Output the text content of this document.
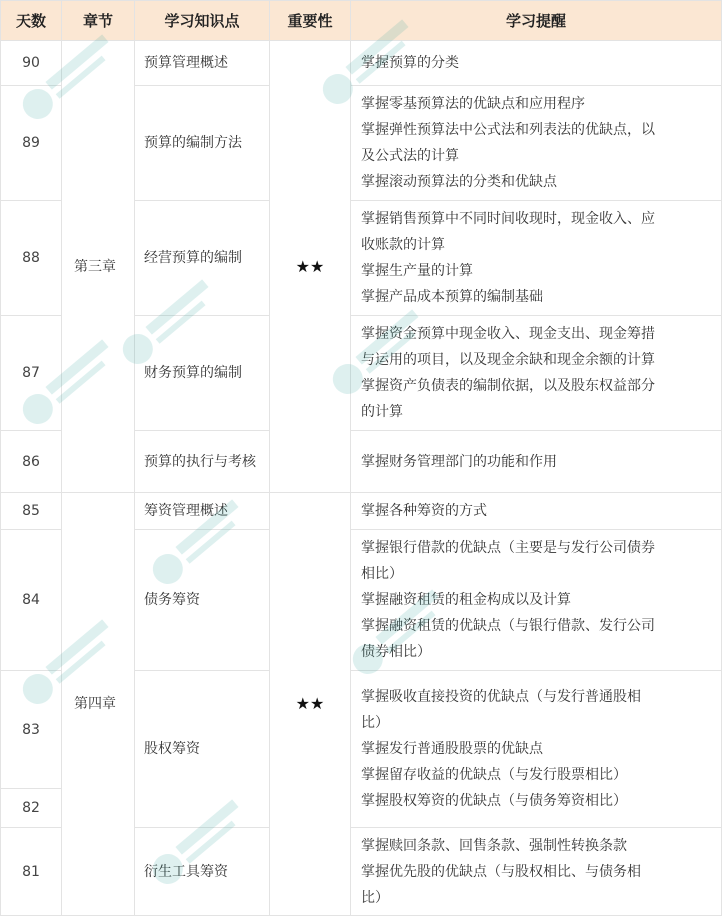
天数	章节	学习知识点	重要性	学习提醒
90	第三章	预算管理概述	★★	掌握预算的分类

89		预算的编制方法		掌握零基预算法的优缺点和应用程序
掌握弹性预算法中公式法和列表法的优缺点，以
及公式法的计算
掌握滚动预算法的分类和优缺点

88		经营预算的编制		掌握销售预算中不同时间收现时，现金收入、应
收账款的计算
掌握生产量的计算
掌握产品成本预算的编制基础

87		财务预算的编制		掌握资金预算中现金收入、现金支出、现金筹措
与运用的项目，以及现金余缺和现金余额的计算
掌握资产负债表的编制依据，以及股东权益部分
的计算

86		预算的执行与考核		掌握财务管理部门的功能和作用

85	第四章	筹资管理概述	★★	掌握各种筹资的方式

84		债务筹资		掌握银行借款的优缺点（主要是与发行公司债券
相比）
掌握融资租赁的租金构成以及计算
掌握融资租赁的优缺点（与银行借款、发行公司
债券相比）

83		股权筹资		掌握吸收直接投资的优缺点（与发行普通股相
比）
掌握发行普通股股票的优缺点
掌握留存收益的优缺点（与发行股票相比）
掌握股权筹资的优缺点（与债务筹资相比）

82				
81		衍生工具筹资		掌握赎回条款、回售条款、强制性转换条款
掌握优先股的优缺点（与股权相比、与债务相
比）
